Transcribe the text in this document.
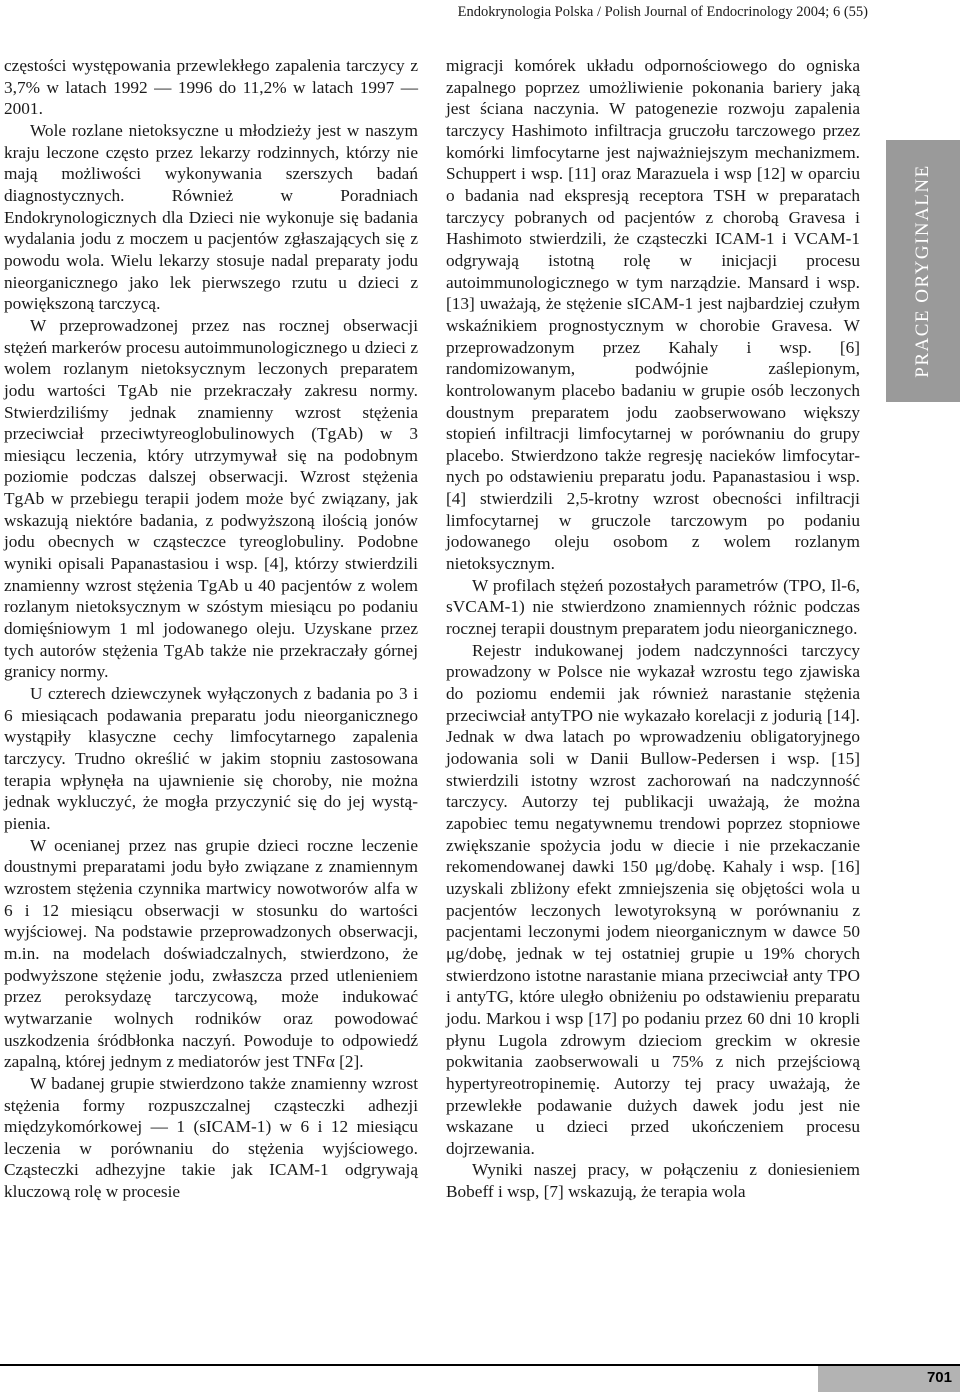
Endokrynologia Polska / Polish Journal of Endocrinology 2004; 6 (55)

częstości występowania przewlekłego zapalenia tarczycy z 3,7% w latach 1992 — 1996 do 11,2% w latach 1997 — 2001.

Wole rozlane nietoksyczne u młodzieży jest w naszym kraju leczone często przez lekarzy rodzinnych, którzy nie mają możliwości wykonywania szerszych badań diagnostycznych. Również w Poradniach Endokrynologicznych dla Dzieci nie wykonuje się badania wydalania jodu z moczem u pacjentów zgłaszających się z powodu wola. Wielu lekarzy stosuje nadal preparaty jodu nieorganicznego jako lek pierwszego rzutu u dzieci z powiększoną tarczycą.

W przeprowadzonej przez nas rocznej obserwacji stężeń markerów procesu autoimmunologicznego u dzieci z wolem rozlanym nietoksycznym leczonych preparatem jodu wartości TgAb nie przekraczały zakresu normy. Stwierdziliśmy jednak znamienny wzrost stężenia przeciwciał przeciwtyreoglobulinowych (TgAb) w 3 miesiącu leczenia, który utrzymywał się na podobnym poziomie podczas dalszej obserwacji. Wzrost stężenia TgAb w przebiegu terapii jodem może być związany, jak wskazują niektóre badania, z podwyższoną ilością jonów jodu obecnych w cząsteczce tyreoglobuliny. Podobne wyniki opisali Papanastasiou i wsp. [4], którzy stwierdzili znamienny wzrost stężenia TgAb u 40 pacjentów z wolem rozlanym nietoksycznym w szóstym miesiącu po podaniu domięśniowym 1 ml jodowanego oleju. Uzyskane przez tych autorów stężenia TgAb także nie przekraczały górnej granicy normy.

U czterech dziewczynek wyłączonych z badania po 3 i 6 miesiącach podawania preparatu jodu nieorganicznego wystąpiły klasyczne cechy limfocytarnego zapalenia tarczycy. Trudno określić w jakim stopniu zastosowana terapia wpłynęła na ujawnienie się choroby, nie można jednak wykluczyć, że mogła przyczynić się do jej wystąpienia.

W ocenianej przez nas grupie dzieci roczne leczenie doustnymi preparatami jodu było związane z znamiennym wzrostem stężenia czynnika martwicy nowotworów alfa w 6 i 12 miesiącu obserwacji w stosunku do wartości wyjściowej. Na podstawie przeprowadzonych obserwacji, m.in. na modelach doświadczalnych, stwierdzono, że podwyższone stężenie jodu, zwłaszcza przed utlenieniem przez peroksydazę tarczycową, może indukować wytwarzanie wolnych rodników oraz powodować uszkodzenia śródbłonka naczyń. Powoduje to odpowiedź zapalną, której jednym z mediatorów jest TNFα [2].

W badanej grupie stwierdzono także znamienny wzrost stężenia formy rozpuszczalnej cząsteczki adhezji międzykomórkowej — 1 (sICAM-1) w 6 i 12 miesiącu leczenia w porównaniu do stężenia wyjściowego. Cząsteczki adhezyjne takie jak ICAM-1 odgrywają kluczową rolę w procesie

migracji komórek układu odpornościowego do ogniska zapalnego poprzez umożliwienie pokonania bariery jaką jest ściana naczynia. W patogenezie rozwoju zapalenia tarczycy Hashimoto infiltracja gruczołu tarczowego przez komórki limfocytarne jest najważniejszym mechanizmem. Schuppert i wsp. [11] oraz Marazuela i wsp [12] w oparciu o badania nad ekspresją receptora TSH w preparatach tarczycy pobranych od pacjentów z chorobą Gravesa i Hashimoto stwierdzili, że cząsteczki ICAM-1 i VCAM-1 odgrywają istotną rolę w inicjacji procesu autoimmunologicznego w tym narządzie. Mansard i wsp. [13] uważają, że stężenie sICAM-1 jest najbardziej czułym wskaźnikiem prognostycznym w chorobie Gravesa. W przeprowadzonym przez Kahaly i wsp. [6] randomizowanym, podwójnie zaślepionym, kontrolowanym placebo badaniu w grupie osób leczonych doustnym preparatem jodu zaobserwowano większy stopień infiltracji limfocytarnej w porównaniu do grupy placebo. Stwierdzono także regresję nacieków limfocytarnych po odstawieniu preparatu jodu. Papanastasiou i wsp. [4] stwierdzili 2,5-krotny wzrost obecności infiltracji limfocytarnej w gruczole tarczowym po podaniu jodowanego oleju osobom z wolem rozlanym nietoksycznym.

W profilach stężeń pozostałych parametrów (TPO, Il-6, sVCAM-1) nie stwierdzono znamiennych różnic podczas rocznej terapii doustnym preparatem jodu nieorganicznego.

Rejestr indukowanej jodem nadczynności tarczycy prowadzony w Polsce nie wykazał wzrostu tego zjawiska do poziomu endemii jak również narastanie stężenia przeciwciał antyTPO nie wykazało korelacji z jodurią [14]. Jednak w dwa latach po wprowadzeniu obligatoryjnego jodowania soli w Danii Bullow-Pedersen i wsp. [15] stwierdzili istotny wzrost zachorowań na nadczynność tarczycy. Autorzy tej publikacji uważają, że można zapobiec temu negatywnemu trendowi poprzez stopniowe zwiększanie spożycia jodu w diecie i nie przekaczanie rekomendowanej dawki 150 μg/dobę. Kahaly i wsp. [16] uzyskali zbliżony efekt zmniejszenia się objętości wola u pacjentów leczonych lewotyroksyną w porównaniu z pacjentami leczonymi jodem nieorganicznym w dawce 50 μg/dobę, jednak w tej ostatniej grupie u 19% chorych stwierdzono istotne narastanie miana przeciwciał anty TPO i antyTG, które uległo obniżeniu po odstawieniu preparatu jodu. Markou i wsp [17] po podaniu przez 60 dni 10 kropli płynu Lugola zdrowym dzieciom greckim w okresie pokwitania zaobserwowali u 75% z nich przejściową hypertyreotropinemię. Autorzy tej pracy uważają, że przewlekłe podawanie dużych dawek jodu jest nie wskazane u dzieci przed ukończeniem procesu dojrzewania.

Wyniki naszej pracy, w połączeniu z doniesieniem Bobeff i wsp, [7] wskazują, że terapia wola

PRACE ORYGINALNE
701
